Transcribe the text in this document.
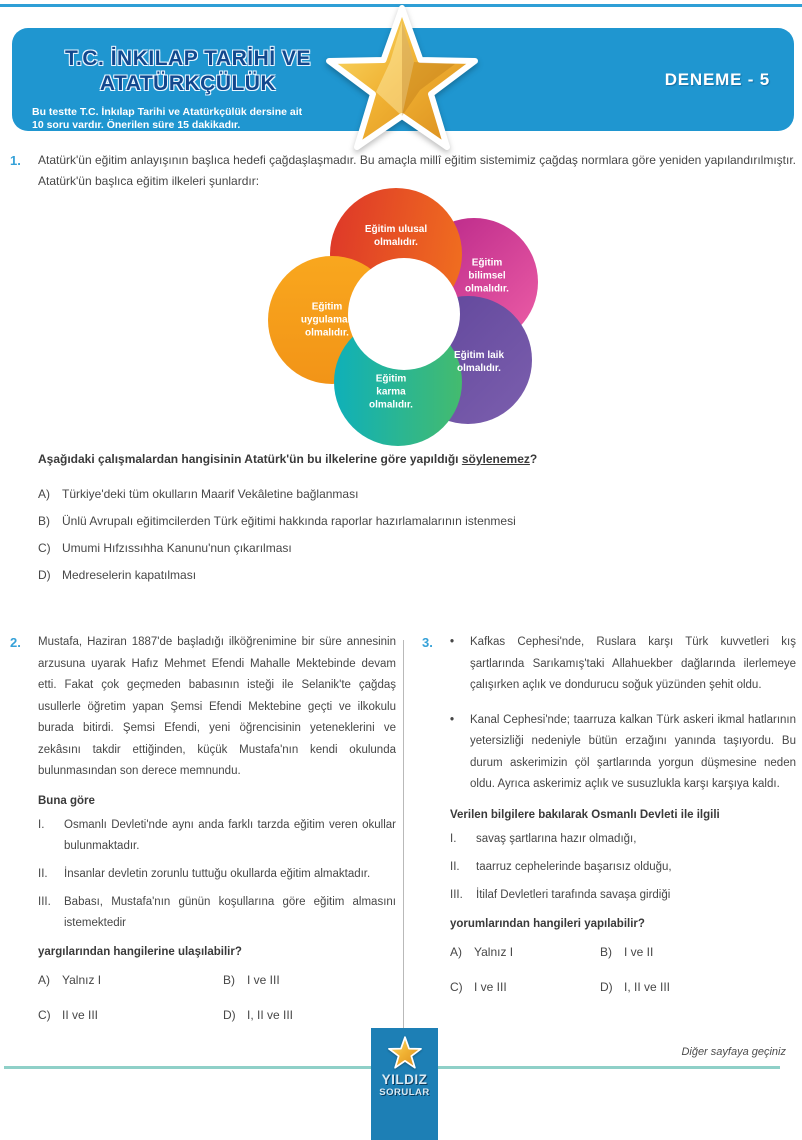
T.C. İNKILAP TARİHİ VE
ATATÜRKÇÜLÜK
Bu testte T.C. İnkılap Tarihi ve Atatürkçülük dersine ait
10 soru vardır. Önerilen süre 15 dakikadır.
DENEME - 5
1.	Atatürk'ün eğitim anlayışının başlıca hedefi çağdaşlaşmadır. Bu amaçla millî eğitim sistemimiz çağdaş normlara göre yeniden yapılandırılmıştır. Atatürk'ün başlıca eğitim ilkeleri şunlardır:
Eğitim ulusal olmalıdır.
Eğitim bilimsel olmalıdır.
Eğitim laik olmalıdır.
Eğitim karma olmalıdır.
Eğitim uygulamalı olmalıdır.
Aşağıdaki çalışmalardan hangisinin Atatürk'ün bu ilkelerine göre yapıldığı söylenemez?
A)	Türkiye'deki tüm okulların Maarif Vekâletine bağlanması
B)	Ünlü Avrupalı eğitimcilerden Türk eğitimi hakkında raporlar hazırlamalarının istenmesi
C) Umumi Hıfzıssıhha Kanunu'nun çıkarılması
D) Medreselerin kapatılması
2.	Mustafa, Haziran 1887'de başladığı ilköğrenimine bir süre annesinin arzusuna uyarak Hafız Mehmet Efendi Mahalle Mektebinde devam etti. Fakat çok geçmeden babasının isteği ile Selanik'te çağdaş usullerle öğretim yapan Şemsi Efendi Mektebine geçti ve ilkokulu burada bitirdi. Şemsi Efendi, yeni öğrencisinin yeteneklerini ve zekâsını takdir ettiğinden, küçük Mustafa'nın kendi okulunda bulunmasından son derece memnundu.
Buna göre
I.	Osmanlı Devleti'nde aynı anda farklı tarzda eğitim veren okullar bulunmaktadır.
II.	İnsanlar devletin zorunlu tuttuğu okullarda eğitim almaktadır.
III.	Babası, Mustafa'nın günün koşullarına göre eğitim almasını istemektedir
yargılarından hangilerine ulaşılabilir?
A)	Yalnız I	B)	I ve III
C) II ve III	D) I, II ve III
3.	•	Kafkas Cephesi'nde, Ruslara karşı Türk kuvvetleri kış şartlarında Sarıkamış'taki Allahuekber dağlarında ilerlemeye çalışırken açlık ve dondurucu soğuk yüzünden şehit oldu.
•	Kanal Cephesi'nde; taarruza kalkan Türk askeri ikmal hatlarının yetersizliği nedeniyle bütün erzağını yanında taşıyordu. Bu durum askerimizin çöl şartlarında yorgun düşmesine neden oldu. Ayrıca askerimiz açlık ve susuzlukla karşı karşıya kaldı.
Verilen bilgilere bakılarak Osmanlı Devleti ile ilgili
I.	savaş şartlarına hazır olmadığı,
II.	taarruz cephelerinde başarısız olduğu,
III.	İtilaf Devletleri tarafında savaşa girdiği
yorumlarından hangileri yapılabilir?
A)	Yalnız I	B)	I ve II
C) I ve III	D) I, II ve III
Diğer sayfaya geçiniz
YILDIZ
SORULAR
